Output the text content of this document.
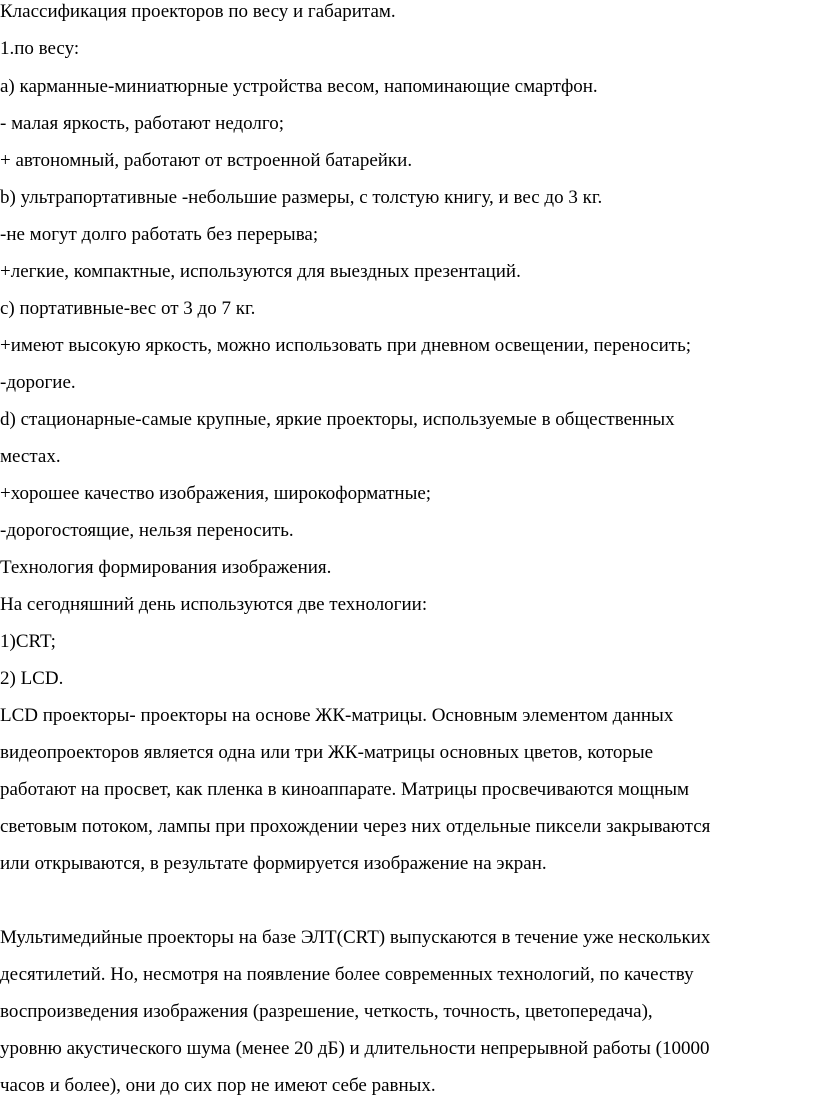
Классификация проекторов по весу и габаритам.
1.по весу:
а) карманные-миниатюрные устройства весом, напоминающие смартфон.
- малая яркость, работают недолго;
+ автономный, работают от встроенной батарейки.
b) ультрапортативные -небольшие размеры, с толстую книгу, и вес до 3 кг.
-не могут долго работать без перерыва;
+легкие, компактные, используются для выездных презентаций.
c) портативные-вес от 3 до 7 кг.
+имеют высокую яркость, можно использовать при дневном освещении, переносить;
-дорогие.
d) стационарные-самые крупные, яркие проекторы, используемые в общественных
местах.
+хорошее качество изображения, широкоформатные;
-дорогостоящие, нельзя переносить.
Технология формирования изображения.
На сегодняшний день используются две технологии:
1)CRT;
2) LCD.
LCD проекторы- проекторы на основе ЖК-матрицы. Основным элементом данных
видеопроекторов является одна или три ЖК-матрицы основных цветов, которые
работают на просвет, как пленка в киноаппарате. Матрицы просвечиваются мощным
световым потоком, лампы при прохождении через них отдельные пиксели закрываются
или открываются, в результате формируется изображение на экран.
Мультимедийные проекторы на базе ЭЛТ(CRT) выпускаются в течение уже нескольких
десятилетий. Но, несмотря на появление более современных технологий, по качеству
воспроизведения изображения (разрешение, четкость, точность, цветопередача),
уровню акустического шума (менее 20 дБ) и длительности непрерывной работы (10000
часов и более), они до сих пор не имеют себе равных.
